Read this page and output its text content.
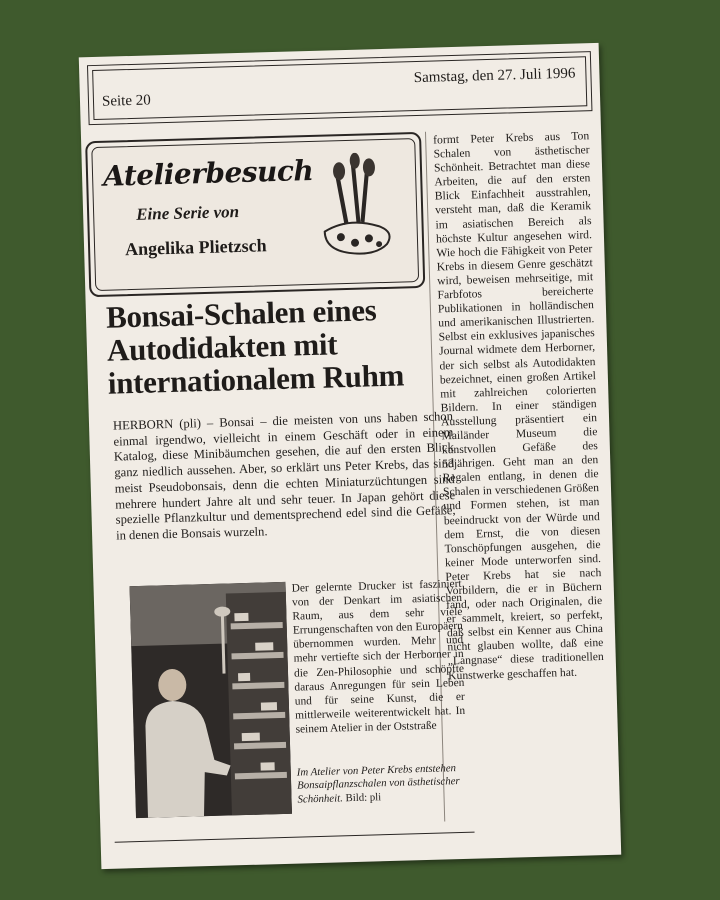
Seite 20
Samstag, den 27. Juli 1996
Atelierbesuch
Eine Serie von
Angelika Plietzsch
Bonsai-Schalen eines Autodidakten mit internationalem Ruhm

HERBORN (pli) – Bonsai – die meisten von uns haben schon einmal irgendwo, vielleicht in einem Geschäft oder in einem Katalog, diese Minibäumchen gesehen, die auf den ersten Blick ganz niedlich aussehen. Aber, so erklärt uns Peter Krebs, das sind meist Pseudobonsais, denn die echten Miniaturzüchtungen sind mehrere hundert Jahre alt und sehr teuer. In Japan gehört diese spezielle Pflanzkultur und dementsprechend edel sind die Gefäße, in denen die Bonsais wurzeln.

Der gelernte Drucker ist fasziniert von der Denkart im asiatischen Raum, aus dem sehr viele Errungenschaften von den Europäern übernommen wurden. Mehr und mehr vertiefte sich der Herborner in die Zen-Philosophie und schöpfte daraus Anregungen für sein Leben und für seine Kunst, die er mittlerweile weiterentwickelt hat. In seinem Atelier in der Oststraße

Im Atelier von Peter Krebs entstehen Bonsaipflanzschalen von ästhetischer Schönheit. Bild: pli

formt Peter Krebs aus Ton Schalen von ästhetischer Schönheit. Betrachtet man diese Arbeiten, die auf den ersten Blick Einfachheit ausstrahlen, versteht man, daß die Keramik im asiatischen Bereich als höchste Kultur angesehen wird. Wie hoch die Fähigkeit von Peter Krebs in diesem Genre geschätzt wird, beweisen mehrseitige, mit Farbfotos bereicherte Publikationen in holländischen und amerikanischen Illustrierten. Selbst ein exklusives japanisches Journal widmete dem Herborner, der sich selbst als Autodidakten bezeichnet, einen großen Artikel mit zahlreichen colorierten Bildern. In einer ständigen Ausstellung präsentiert ein Mailänder Museum die kunstvollen Gefäße des 53jährigen. Geht man an den Regalen entlang, in denen die Schalen in verschiedenen Größen und Formen stehen, ist man beeindruckt von der Würde und dem Ernst, die von diesen Tonschöpfungen ausgehen, die keiner Mode unterworfen sind. Peter Krebs hat sie nach Vorbildern, die er in Büchern fand, oder nach Originalen, die er sammelt, kreiert, so perfekt, daß selbst ein Kenner aus China nicht glauben wollte, daß eine „Langnase“ diese traditionellen Kunstwerke geschaffen hat.
